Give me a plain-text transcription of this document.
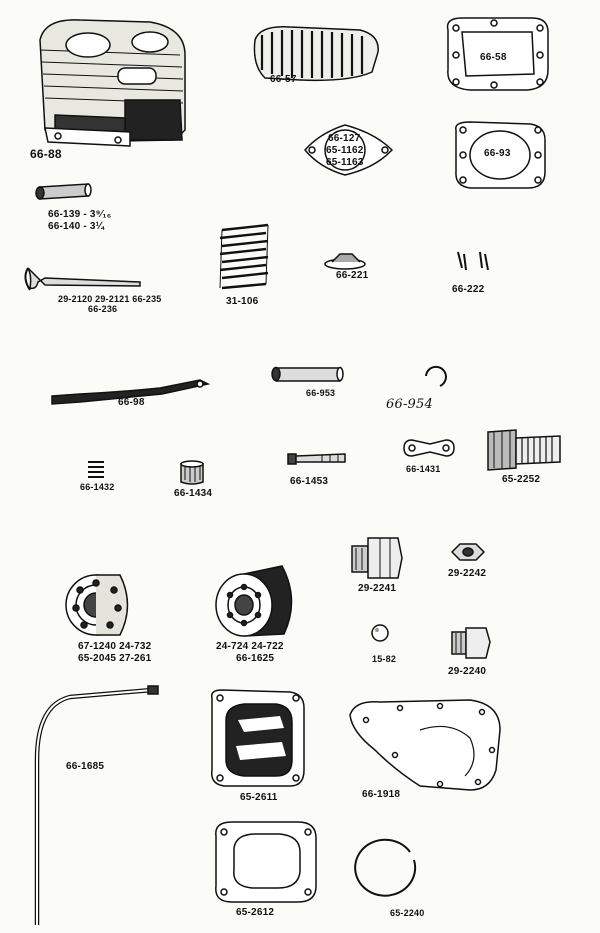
66-88
66-57
66-58
66-127
65-1162
65-1163
66-93
66-139 - 3⁹⁄₁₆
66-140 - 3¼
29-2120 29-2121 66-235
66-236
31-106
66-221
66-222
66-98
66-953
66-954
66-1432
66-1434
66-1453
66-1431
65-2252
29-2241
29-2242
67-1240 24-732
65-2045 27-261
24-724 24-722
66-1625	15-82
29-2240
66-1685
65-2611	66-1918
65-2612	65-2240
